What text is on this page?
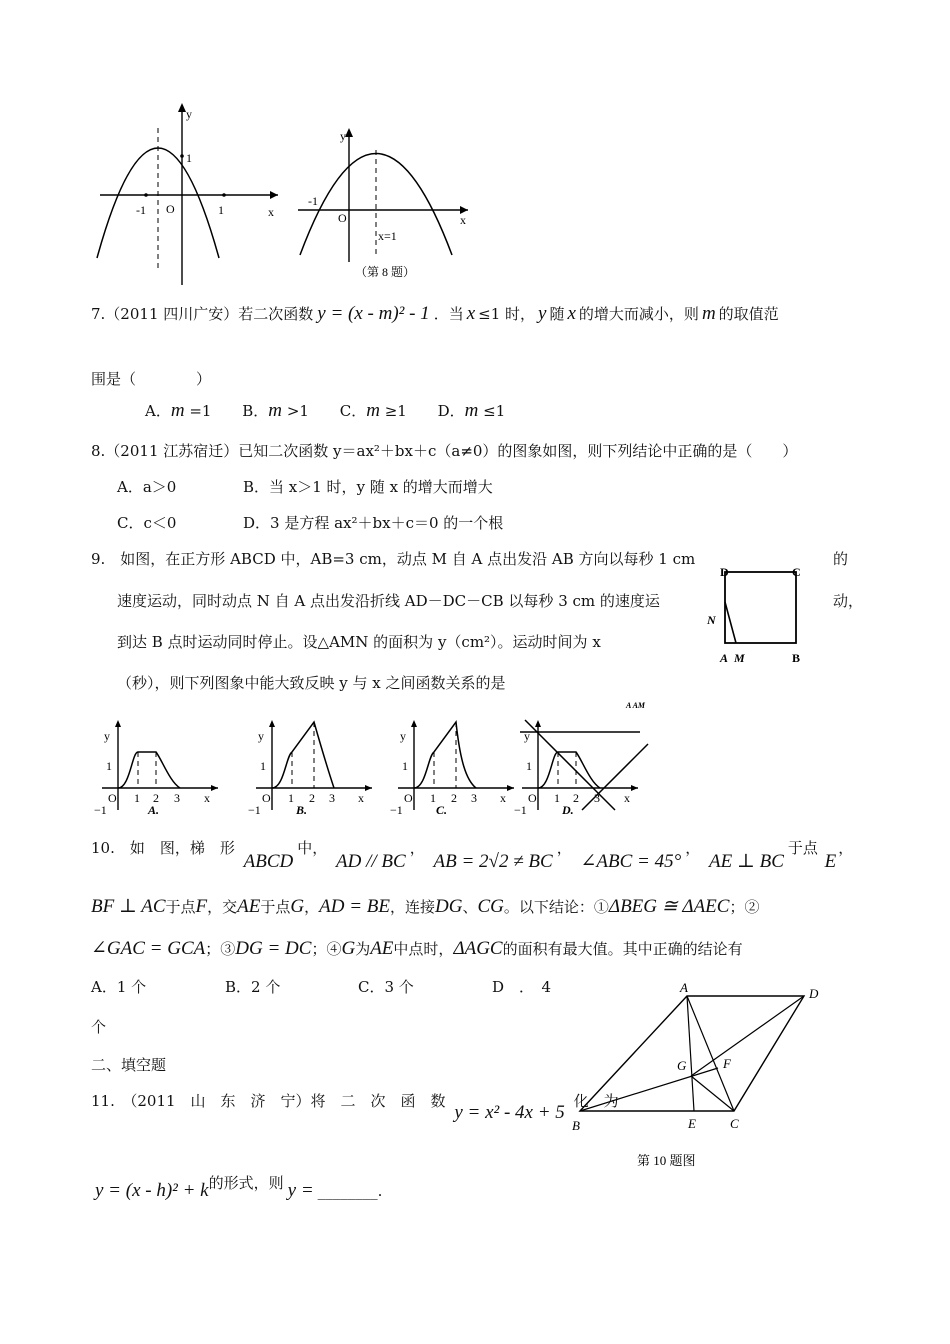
y
1
-1 O	1	x
y
-1
O	x
x=1
（第 8 题）
7.（2011 四川广安）若二次函数 y = (x - m)² - 1 ．当 x ≤1 时， y 随 x 的增大而减小，则 m 的取值范
围是（　　　　）
A．m =1 B．m >1 C．m ≥1 D．m ≤1
8.（2011 江苏宿迁）已知二次函数 y＝ax²＋bx＋c（a≠0）的图象如图，则下列结论中正确的是（　　）
A．a＞0	B．当 x＞1 时，y 随 x 的增大而增大
C．c＜0	D．3 是方程 ax²＋bx＋c＝0 的一个根
9.　如图，在正方形 ABCD 中，AB=3 cm，动点 M 自 A 点出发沿 AB 方向以每秒 1 cm	的
速度运动，同时动点 N 自 A 点出发沿折线 AD－DC－CB 以每秒 3 cm 的速度运	动，
到达 B 点时运动同时停止。设△AMN 的面积为 y（cm²）。运动时间为 x
（秒），则下列图象中能大致反映 y 与 x 之间函数关系的是
D	C
N
A M	B
y
1
O
−1
1 2 3 x
A.
y
1
O
−1
1 2 3 x
B.
y
1
O
−1
1 2 3 x
C.
y
1
O
−1
1 2 3 x
D.
A AM
10.　如　图，梯　形 ABCD中， AD // BC， AB = 2√2 ≠ BC， ∠ABC = 45°， AE ⊥ BC于点 E，
BF ⊥ AC于点F，交AE于点G，AD = BE，连接DG、CG。以下结论：①ΔBEG ≅ ΔAEC；②
∠GAC = GCA；③DG = DC；④G为AE中点时，ΔAGC的面积有最大值。其中正确的结论有
A．1 个	B．2 个	C．3 个	D　．　4
个
A	D
G	F
B	E	C
第 10 题图
二、填空题
11.　（2011　山　东　济　宁）将　二　次　函　数 y = x² - 4x + 5 化　为
y = (x - h)² + k的形式，则 y = ________.
